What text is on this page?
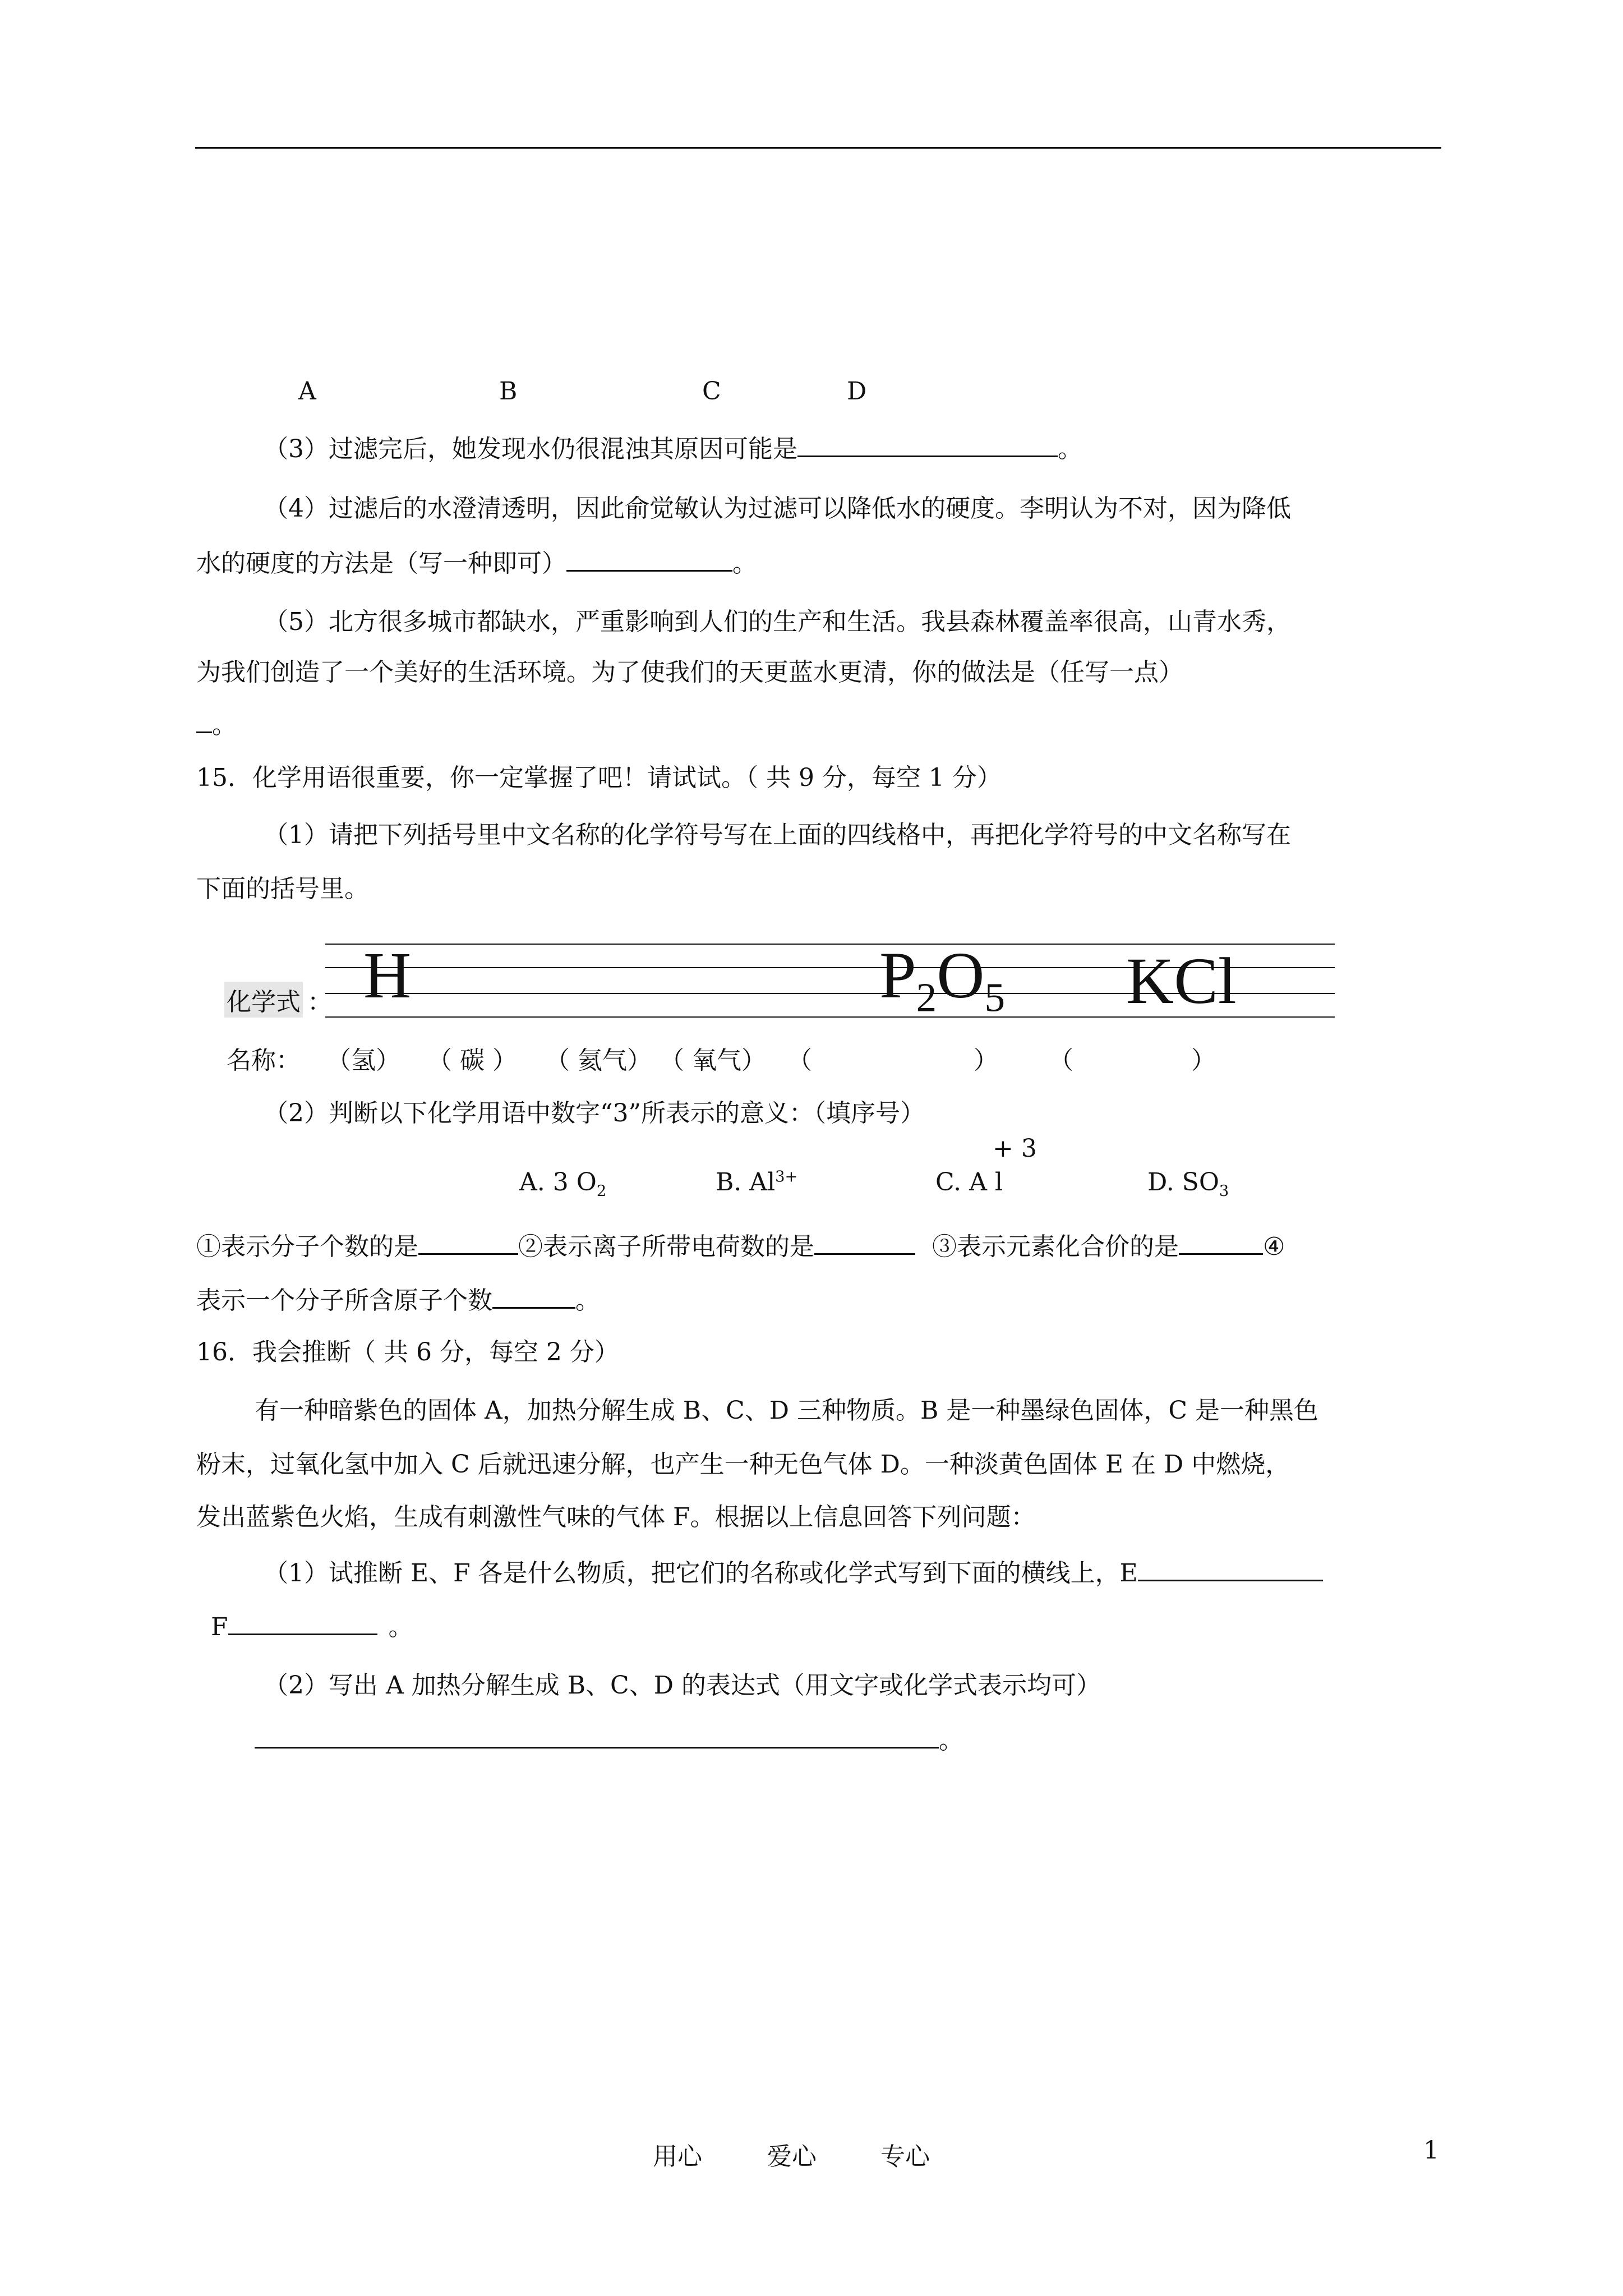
A	B	C	D
（3）过滤完后，她发现水仍很混浊其原因可能是	。
（4）过滤后的水澄清透明，因此俞觉敏认为过滤可以降低水的硬度。李明认为不对，因为降低
水的硬度的方法是（写一种即可）	。
（5）北方很多城市都缺水，严重影响到人们的生产和生活。我县森林覆盖率很高，山青水秀，
为我们创造了一个美好的生活环境。为了使我们的天更蓝水更清，你的做法是（任写一点）
。
15．化学用语很重要，你一定掌握了吧！请试试。（ 共 9 分，每空 1 分）
（1）请把下列括号里中文名称的化学符号写在上面的四线格中，再把化学符号的中文名称写在
下面的括号里。
化学式 ： H	$P_2O_5$ KCl
名称： （氢） （ 碳 ） （ 氦气） （ 氧气） （	） （	）
（2）判断以下化学用语中数字“3”所表示的意义：（填序号）
+ 3
A. 3 $O_2$	B. $Al^{3+}$	C. A l	D. $SO_3$
①表示分子个数的是	②表示离子所带电荷数的是	③表示元素化合价的是	④
表示一个分子所含原子个数	。
16．我会推断（ 共 6 分，每空 2 分）
有一种暗紫色的固体 A，加热分解生成 B、C、D 三种物质。B 是一种墨绿色固体，C 是一种黑色
粉末，过氧化氢中加入 C 后就迅速分解，也产生一种无色气体 D。一种淡黄色固体 E 在 D 中燃烧，
发出蓝紫色火焰，生成有刺激性气味的气体 F。根据以上信息回答下列问题：
（1）试推断 E、F 各是什么物质，把它们的名称或化学式写到下面的横线上，E
F	。
（2）写出 A 加热分解生成 B、C、D 的表达式（用文字或化学式表示均可）
。
用心	爱心	专心	1
